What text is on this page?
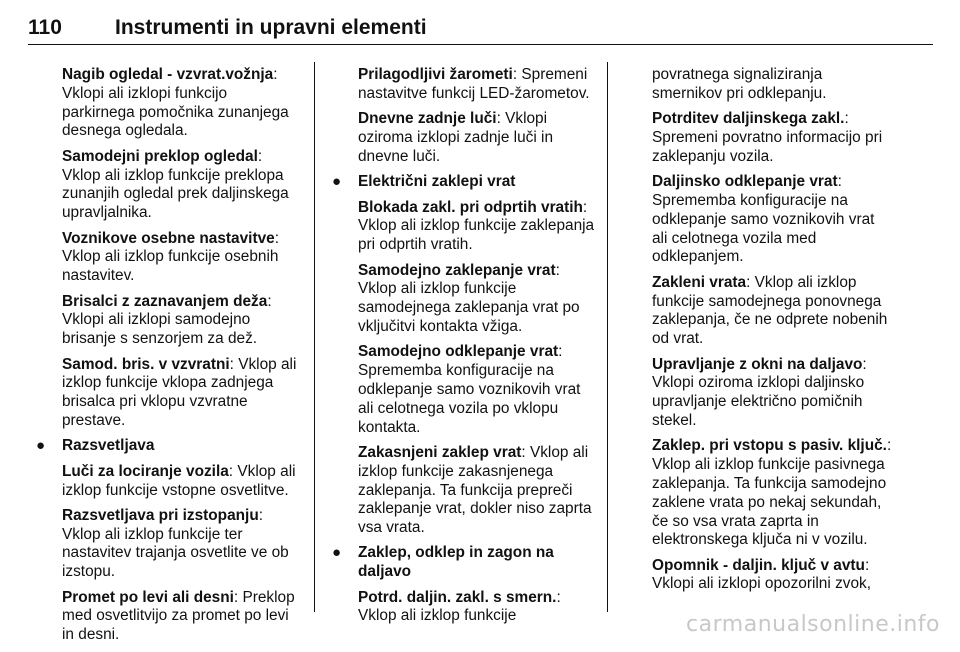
110	Instrumenti in upravni elementi

Nagib ogledal - vzvrat.vožnja: Vklopi ali izklopi funkcijo parkirnega pomočnika zunanjega desnega ogledala.

Samodejni preklop ogledal: Vklop ali izklop funkcije preklopa zunanjih ogledal prek daljinskega upravljalnika.

Voznikove osebne nastavitve: Vklop ali izklop funkcije osebnih nastavitev.

Brisalci z zaznavanjem deža: Vklopi ali izklopi samodejno brisanje s senzorjem za dež.

Samod. bris. v vzvratni: Vklop ali izklop funkcije vklopa zadnjega brisalca pri vklopu vzvratne prestave.

● Razsvetljava

Luči za lociranje vozila: Vklop ali izklop funkcije vstopne osvetlitve.

Razsvetljava pri izstopanju: Vklop ali izklop funkcije ter nastavitev trajanja osvetlite ve ob izstopu.

Promet po levi ali desni: Preklop med osvetlitvijo za promet po levi in desni.

Prilagodljivi žarometi: Spremeni nastavitve funkcij LED-žarometov.

Dnevne zadnje luči: Vklopi oziroma izklopi zadnje luči in dnevne luči.

● Električni zaklepi vrat

Blokada zakl. pri odprtih vratih: Vklop ali izklop funkcije zaklepanja pri odprtih vratih.

Samodejno zaklepanje vrat: Vklop ali izklop funkcije samodejnega zaklepanja vrat po vključitvi kontakta vžiga.

Samodejno odklepanje vrat: Sprememba konfiguracije na odklepanje samo voznikovih vrat ali celotnega vozila po vklopu kontakta.

Zakasnjeni zaklep vrat: Vklop ali izklop funkcije zakasnjenega zaklepanja. Ta funkcija prepreči zaklepanje vrat, dokler niso zaprta vsa vrata.

● Zaklep, odklep in zagon na daljavo

Potrd. daljin. zakl. s smern.: Vklop ali izklop funkcije

povratnega signaliziranja smernikov pri odklepanju.

Potrditev daljinskega zakl.: Spremeni povratno informacijo pri zaklepanju vozila.

Daljinsko odklepanje vrat: Sprememba konfiguracije na odklepanje samo voznikovih vrat ali celotnega vozila med odklepanjem.

Zakleni vrata: Vklop ali izklop funkcije samodejnega ponovnega zaklepanja, če ne odprete nobenih od vrat.

Upravljanje z okni na daljavo: Vklopi oziroma izklopi daljinsko upravljanje električno pomičnih stekel.

Zaklep. pri vstopu s pasiv. ključ.: Vklop ali izklop funkcije pasivnega zaklepanja. Ta funkcija samodejno zaklene vrata po nekaj sekundah, če so vsa vrata zaprta in elektronskega ključa ni v vozilu.

Opomnik - daljin. ključ v avtu: Vklopi ali izklopi opozorilni zvok,

carmanualsonline.info
